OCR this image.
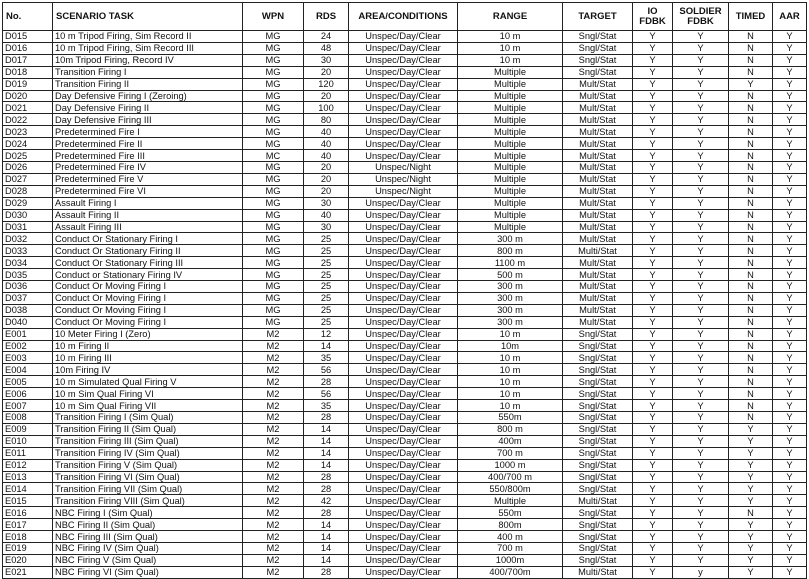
No.	SCENARIO TASK	WPN	RDS	AREA/CONDITIONS	RANGE	TARGET	IO FDBK	SOLDIER FDBK	TIMED	AAR
D015	10 m Tripod Firing, Sim Record II	MG	24	Unspec/Day/Clear	10 m	Sngl/Stat	Y	Y	N	Y
D016	10 m Tripod Firing, Sim Record III	MG	48	Unspec/Day/Clear	10 m	Sngl/Stat	Y	Y	N	Y
D017	10m Tripod Firing, Record IV	MG	30	Unspec/Day/Clear	10 m	Sngl/Stat	Y	Y	N	Y
D018	Transition Firing I	MG	20	Unspec/Day/Clear	Multiple	Sngl/Stat	Y	Y	N	Y
D019	Transition Firing II	MG	120	Unspec/Day/Clear	Multiple	Mult/Stat	Y	Y	Y	Y
D020	Day Defensive Firing I (Zeroing)	MG	20	Unspec/Day/Clear	Multiple	Mult/Stat	Y	Y	N	Y
D021	Day Defensive Firing II	MG	100	Unspec/Day/Clear	Multiple	Mult/Stat	Y	Y	N	Y
D022	Day Defensive Firing III	MG	80	Unspec/Day/Clear	Multiple	Mult/Stat	Y	Y	N	Y
D023	Predetermined Fire I	MG	40	Unspec/Day/Clear	Multiple	Mult/Stat	Y	Y	N	Y
D024	Predetermined Fire II	MG	40	Unspec/Day/Clear	Multiple	Mult/Stat	Y	Y	N	Y
D025	Predetermined Fire III	MC	40	Unspec/Day/Clear	Multiple	Mult/Stat	Y	Y	N	Y
D026	Predetermined Fire IV	MG	20	Unspec/Night	Multiple	Mult/Stat	Y	Y	N	Y
D027	Predetermined Fire V	MG	20	Unspec/Night	Multiple	Mult/Stat	Y	Y	N	Y
D028	Predetermined Fire VI	MG	20	Unspec/Night	Multiple	Mult/Stat	Y	Y	N	Y
D029	Assault Firing I	MG	30	Unspec/Day/Clear	Multiple	Mult/Stat	Y	Y	N	Y
D030	Assault Firing II	MG	40	Unspec/Day/Clear	Multiple	Mult/Stat	Y	Y	N	Y
D031	Assault Firing III	MG	30	Unspec/Day/Clear	Multiple	Mult/Stat	Y	Y	N	Y
D032	Conduct Or Stationary Firing I	MG	25	Unspec/Day/Clear	300 m	Mult/Stat	Y	Y	N	Y
D033	Conduct Or Stationary Firing II	MG	25	Unspec/Day/Clear	800 m	Multi/Stat	Y	Y	N	Y
D034	Conduct Or Stationary Firing III	MG	25	Unspec/Day/Clear	1100 m	Mult/Stat	Y	Y	N	Y
D035	Conduct or Stationary Firing IV	MG	25	Unspec/Day/Clear	500 m	Mult/Stat	Y	Y	N	Y
D036	Conduct Or Moving Firing I	MG	25	Unspec/Day/Clear	300 m	Mult/Stat	Y	Y	N	Y
D037	Conduct Or Moving Firing I	MG	25	Unspec/Day/Clear	300 m	Mult/Stat	Y	Y	N	Y
D038	Conduct Or Moving Firing I	MG	25	Unspec/Day/Clear	300 m	Mult/Stat	Y	Y	N	Y
D040	Conduct Or Moving Firing I	MG	25	Unspec/Day/Clear	300 m	Mult/Stat	Y	Y	N	Y
E001	10 Meter Firing I (Zero)	M2	12	Unspec/Day/Clear	10 m	Sngl/Stat	Y	Y	N	Y
E002	10 m Firing II	M2	14	Unspec/Day/Clear	10m	Sngl/Stat	Y	Y	N	Y
E003	10 m Firing III	M2	35	Unspec/Day/Clear	10 m	Sngl/Stat	Y	Y	N	Y
E004	10m Firing IV	M2	56	Unspec/Day/Clear	10 m	Sngl/Stat	Y	Y	N	Y
E005	10 m Simulated Qual Firing V	M2	28	Unspec/Day/Clear	10 m	Sngl/Stat	Y	Y	N	Y
E006	10 m Sim Qual Firing VI	M2	56	Unspec/Day/Clear	10 m	Sngl/Stat	Y	Y	N	Y
E007	10 m Sim Qual Firing VII	M2	35	Unspec/Day/Clear	10 m	Sngl/Stat	Y	Y	N	Y
E008	Transition Firing I (Sim Qual)	M2	28	Unspec/Day/Clear	550m	Sngl/Stat	Y	Y	N	Y
E009	Transition Firing II (Sim Qual)	M2	14	Unspec/Day/Clear	800 m	Sngl/Stat	Y	Y	Y	Y
E010	Transition Firing III (Sim Qual)	M2	14	Unspec/Day/Clear	400m	Sngl/Stat	Y	Y	Y	Y
E011	Transition Firing IV (Sim Qual)	M2	14	Unspec/Day/Clear	700 m	Sngl/Stat	Y	Y	Y	Y
E012	Transition Firing V (Sim Qual)	M2	14	Unspec/Day/Clear	1000 m	Sngl/Stat	Y	Y	Y	Y
E013	Transition Firing VI (Sim Qual)	M2	28	Unspec/Day/Clear	400/700 m	Sngl/Stat	Y	Y	Y	Y
E014	Transition Firing VII (Sim Qual)	M2	28	Unspec/Day/Clear	550/800m	Sngl/Stat	Y	Y	Y	Y
E015	Transition Firing VIII (Sim Qual)	M2	42	Unspec/Day/Clear	Multiple	Multi/Stat	Y	Y	Y	Y
E016	NBC Firing I (Sim Qual)	M2	28	Unspec/Day/Clear	550m	Sngl/Stat	Y	Y	N	Y
E017	NBC Firing II (Sim Qual)	M2	14	Unspec/Day/Clear	800m	Sngl/Stat	Y	Y	Y	Y
E018	NBC Firing III (Sim Qual)	M2	14	Unspec/Day/Clear	400 m	Sngl/Stat	Y	Y	Y	Y
E019	NBC Firing IV (Sim Qual)	M2	14	Unspec/Day/Clear	700 m	Sngl/Stat	Y	Y	Y	Y
E020	NBC Firing V (Sim Qual)	M2	14	Unspec/Day/Clear	1000m	Sngl/Stat	Y	Y	Y	Y
E021	NBC Firing VI (Sim Qual)	M2	28	Unspec/Day/Clear	400/700m	Multi/Stat	Y	y	Y	Y
